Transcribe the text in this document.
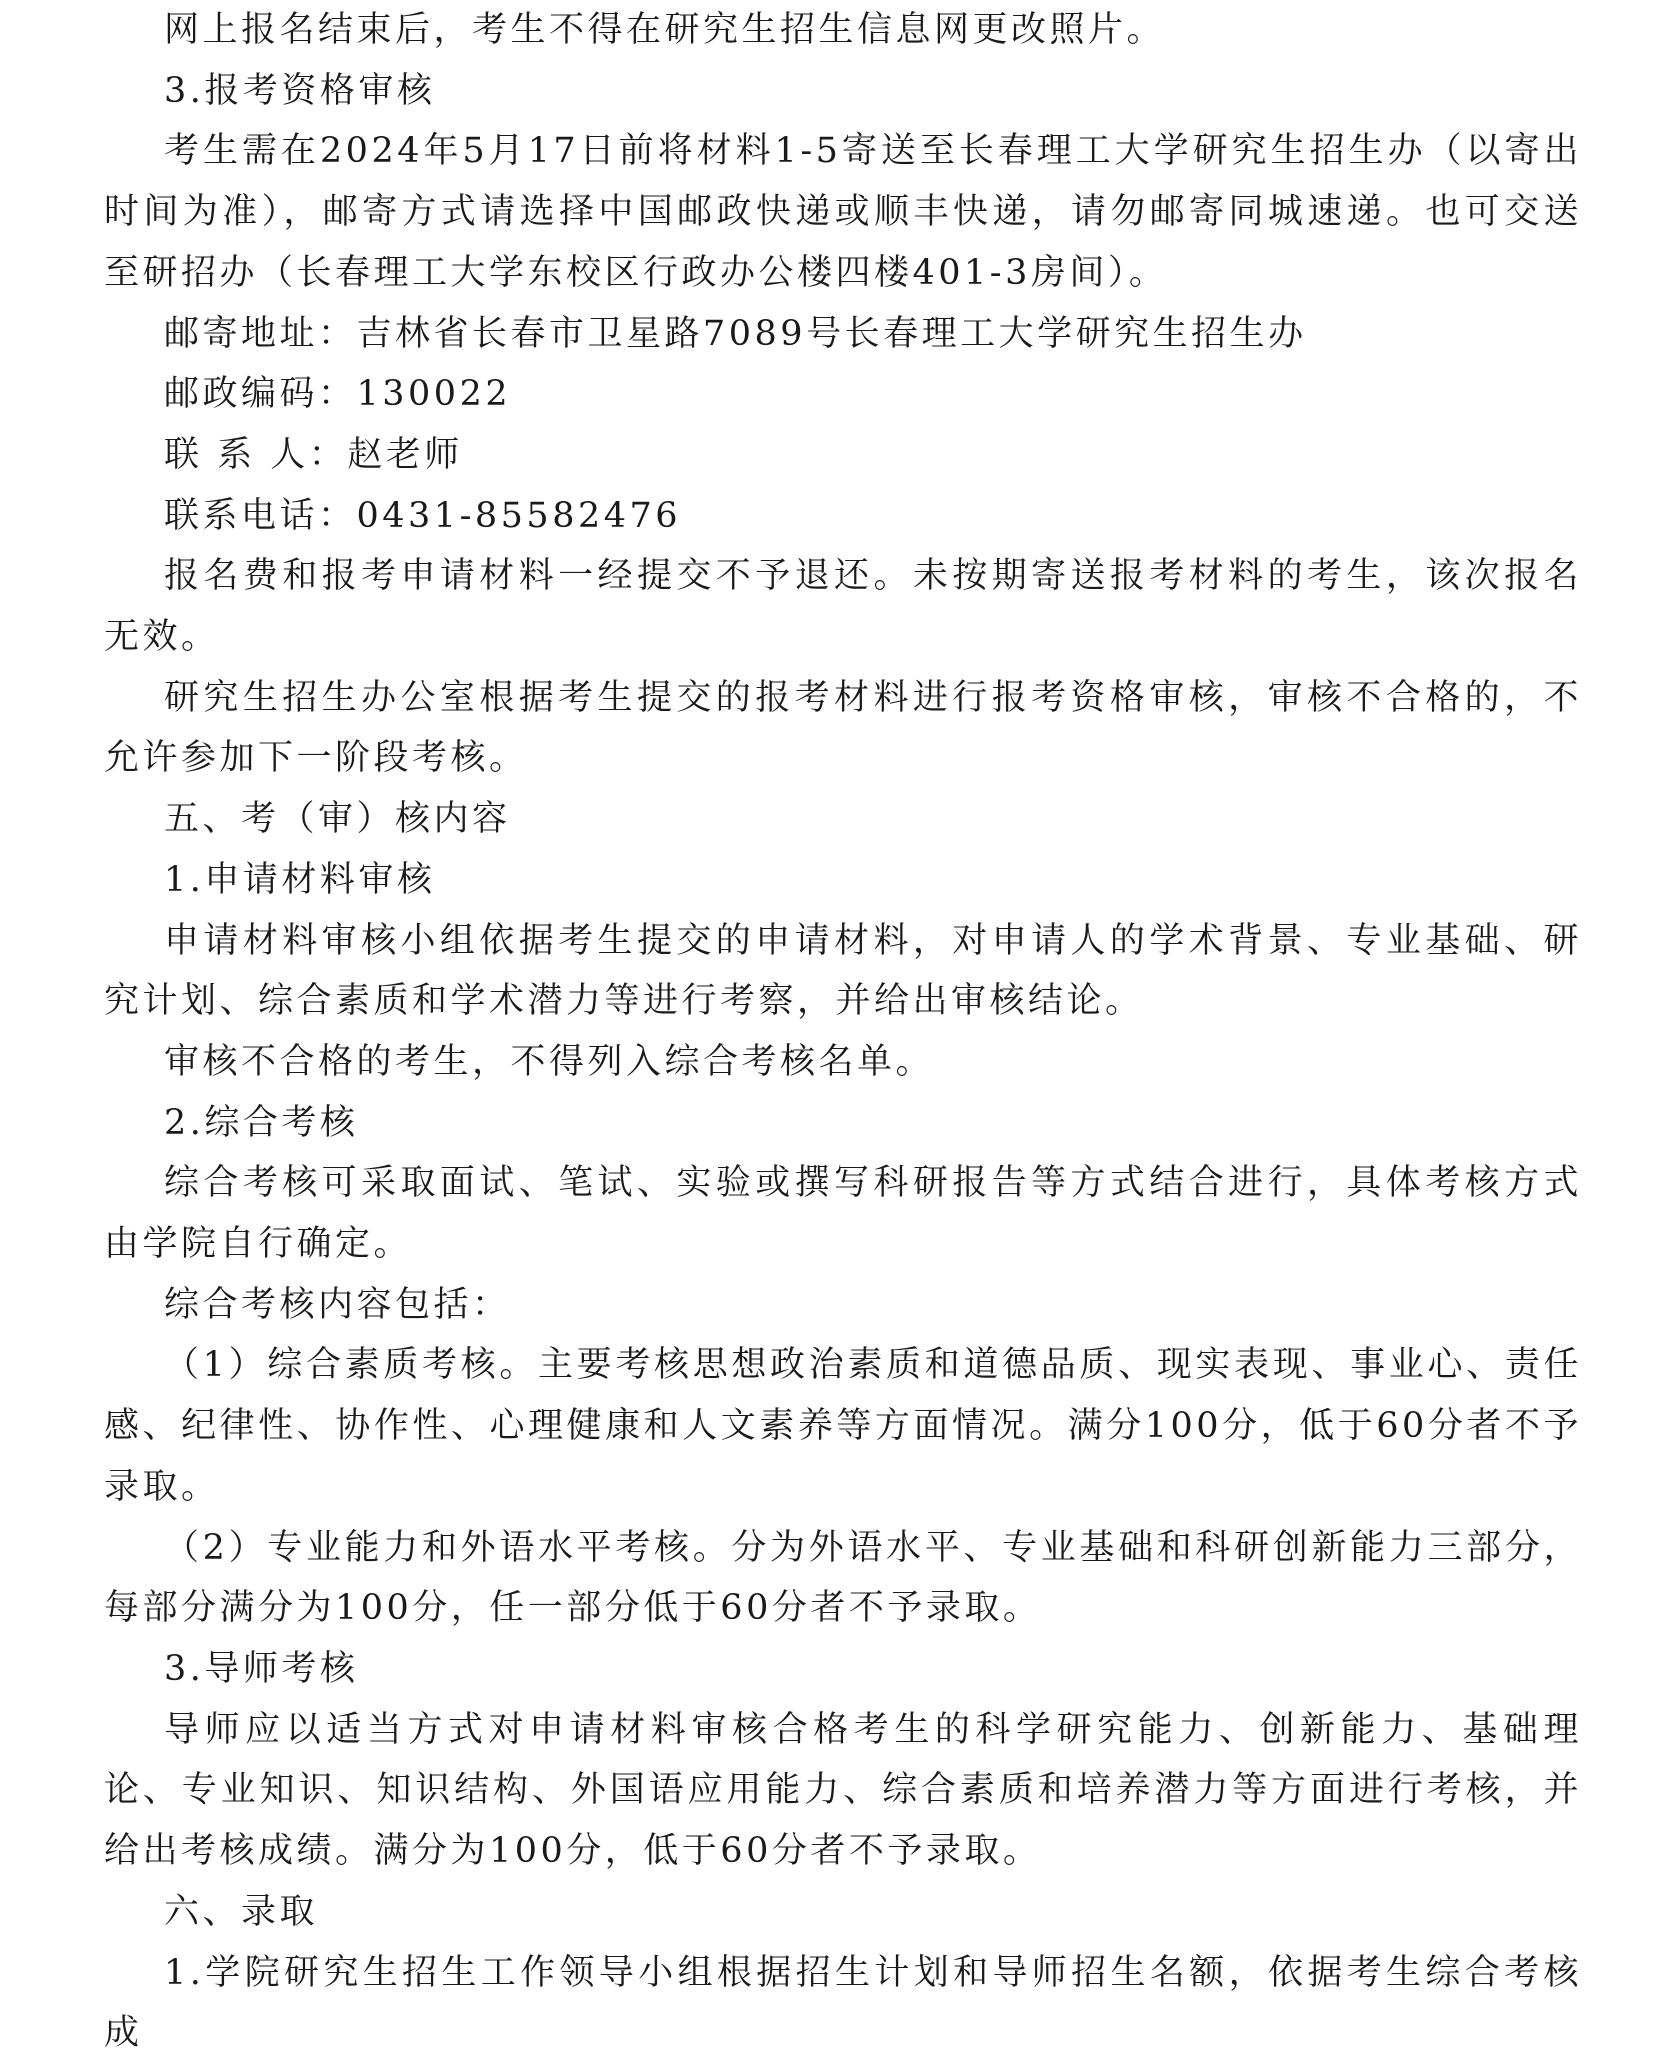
网上报名结束后，考生不得在研究生招生信息网更改照片。

3.报考资格审核

考生需在2024年5月17日前将材料1-5寄送至长春理工大学研究生招生办（以寄出时间为准），邮寄方式请选择中国邮政快递或顺丰快递，请勿邮寄同城速递。也可交送至研招办（长春理工大学东校区行政办公楼四楼401-3房间）。

邮寄地址：吉林省长春市卫星路7089号长春理工大学研究生招生办

邮政编码：130022

联 系 人：赵老师

联系电话：0431-85582476

报名费和报考申请材料一经提交不予退还。未按期寄送报考材料的考生，该次报名无效。

研究生招生办公室根据考生提交的报考材料进行报考资格审核，审核不合格的，不允许参加下一阶段考核。

五、考（审）核内容

1.申请材料审核

申请材料审核小组依据考生提交的申请材料，对申请人的学术背景、专业基础、研究计划、综合素质和学术潜力等进行考察，并给出审核结论。

审核不合格的考生，不得列入综合考核名单。

2.综合考核

综合考核可采取面试、笔试、实验或撰写科研报告等方式结合进行，具体考核方式由学院自行确定。

综合考核内容包括：

（1）综合素质考核。主要考核思想政治素质和道德品质、现实表现、事业心、责任感、纪律性、协作性、心理健康和人文素养等方面情况。满分100分，低于60分者不予录取。

（2）专业能力和外语水平考核。分为外语水平、专业基础和科研创新能力三部分，每部分满分为100分，任一部分低于60分者不予录取。

3.导师考核

导师应以适当方式对申请材料审核合格考生的科学研究能力、创新能力、基础理论、专业知识、知识结构、外国语应用能力、综合素质和培养潜力等方面进行考核，并给出考核成绩。满分为100分，低于60分者不予录取。

六、录取

1.学院研究生招生工作领导小组根据招生计划和导师招生名额，依据考生综合考核成
